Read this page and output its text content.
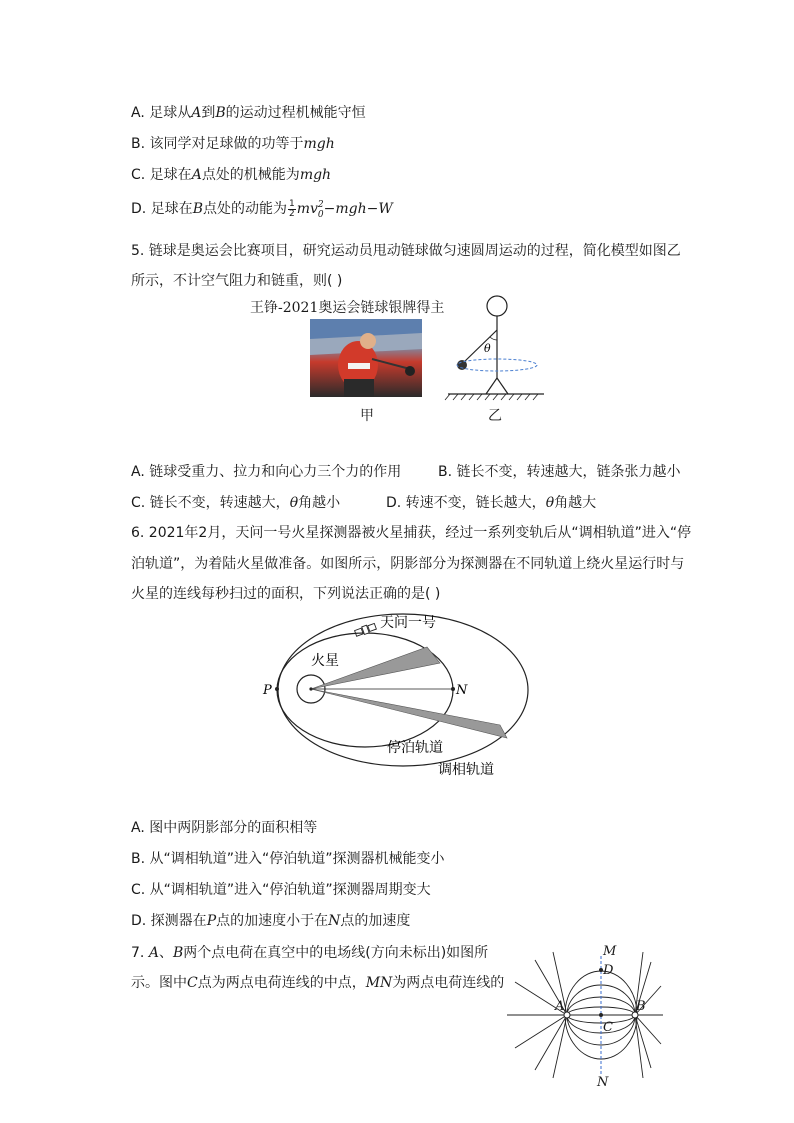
A. 足球从A到B的运动过程机械能守恒
B. 该同学对足球做的功等于mgh
C. 足球在A点处的机械能为mgh
D. 足球在B点处的动能为 $\frac{1}{2} mv_0$
2 −mgh−W
5. 链球是奥运会比赛项目，研究运动员甩动链球做匀速圆周运动的过程，简化模型如图乙
所示，不计空气阻力和链重，则( )
王铮-2021奥运会链球银牌得主
甲
θ
乙
A. 链球受重力、拉力和向心力三个力的作用	B. 链长不变，转速越大，链条张力越小
C. 链长不变，转速越大，θ角越小	D. 转速不变，链长越大，θ角越大
6. 2021年2月，天问一号火星探测器被火星捕获，经过一系列变轨后从“调相轨道”进入“停
泊轨道”，为着陆火星做准备。如图所示，阴影部分为探测器在不同轨道上绕火星运行时与
火星的连线每秒扫过的面积，下列说法正确的是( )
天问一号
火星
P	N
停泊轨道
调相轨道
A. 图中两阴影部分的面积相等
B. 从“调相轨道”进入“停泊轨道”探测器机械能变小
C. 从“调相轨道”进入“停泊轨道”探测器周期变大
D. 探测器在P点的加速度小于在N点的加速度
7. A、B两个点电荷在真空中的电场线(方向未标出)如图所
示。图中C点为两点电荷连线的中点，MN为两点电荷连线的
M
D
A	B
C
N
